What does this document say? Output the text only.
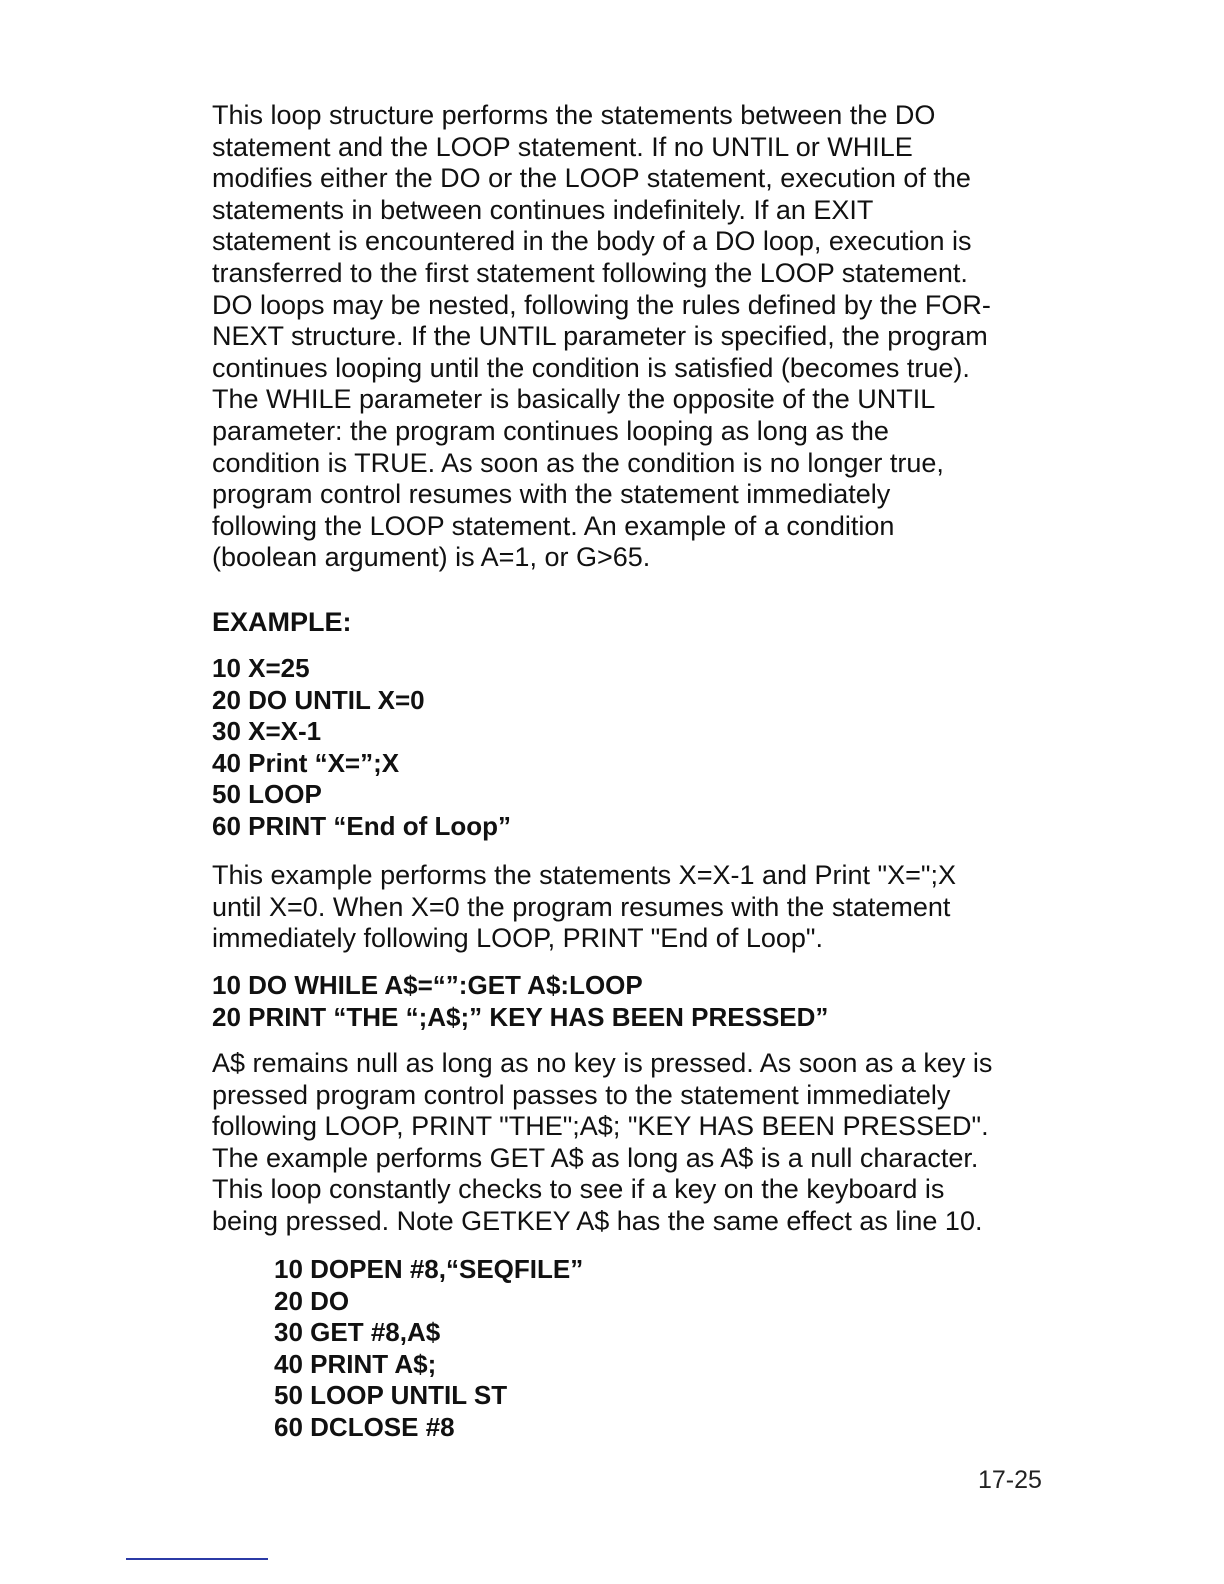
This loop structure performs the statements between the DO
statement and the LOOP statement. If no UNTIL or WHILE
modifies either the DO or the LOOP statement, execution of the
statements in between continues indefinitely. If an EXIT
statement is encountered in the body of a DO loop, execution is
transferred to the first statement following the LOOP statement.
DO loops may be nested, following the rules defined by the FOR-
NEXT structure. If the UNTIL parameter is specified, the program
continues looping until the condition is satisfied (becomes true).
The WHILE parameter is basically the opposite of the UNTIL
parameter: the program continues looping as long as the
condition is TRUE. As soon as the condition is no longer true,
program control resumes with the statement immediately
following the LOOP statement. An example of a condition
(boolean argument) is A=1, or G>65.
EXAMPLE:
10 X=25
20 DO UNTIL X=0
30 X=X-1
40 Print “X=”;X
50 LOOP
60 PRINT “End of Loop”
This example performs the statements X=X-1 and Print "X=";X
until X=0. When X=0 the program resumes with the statement
immediately following LOOP, PRINT "End of Loop".
10 DO WHILE A$=“”:GET A$:LOOP
20 PRINT “THE “;A$;” KEY HAS BEEN PRESSED”
A$ remains null as long as no key is pressed. As soon as a key is
pressed program control passes to the statement immediately
following LOOP, PRINT "THE";A$; "KEY HAS BEEN PRESSED".
The example performs GET A$ as long as A$ is a null character.
This loop constantly checks to see if a key on the keyboard is
being pressed. Note GETKEY A$ has the same effect as line 10.
10 DOPEN #8,“SEQFILE”
20 DO
30 GET #8,A$
40 PRINT A$;
50 LOOP UNTIL ST
60 DCLOSE #8
17-25
